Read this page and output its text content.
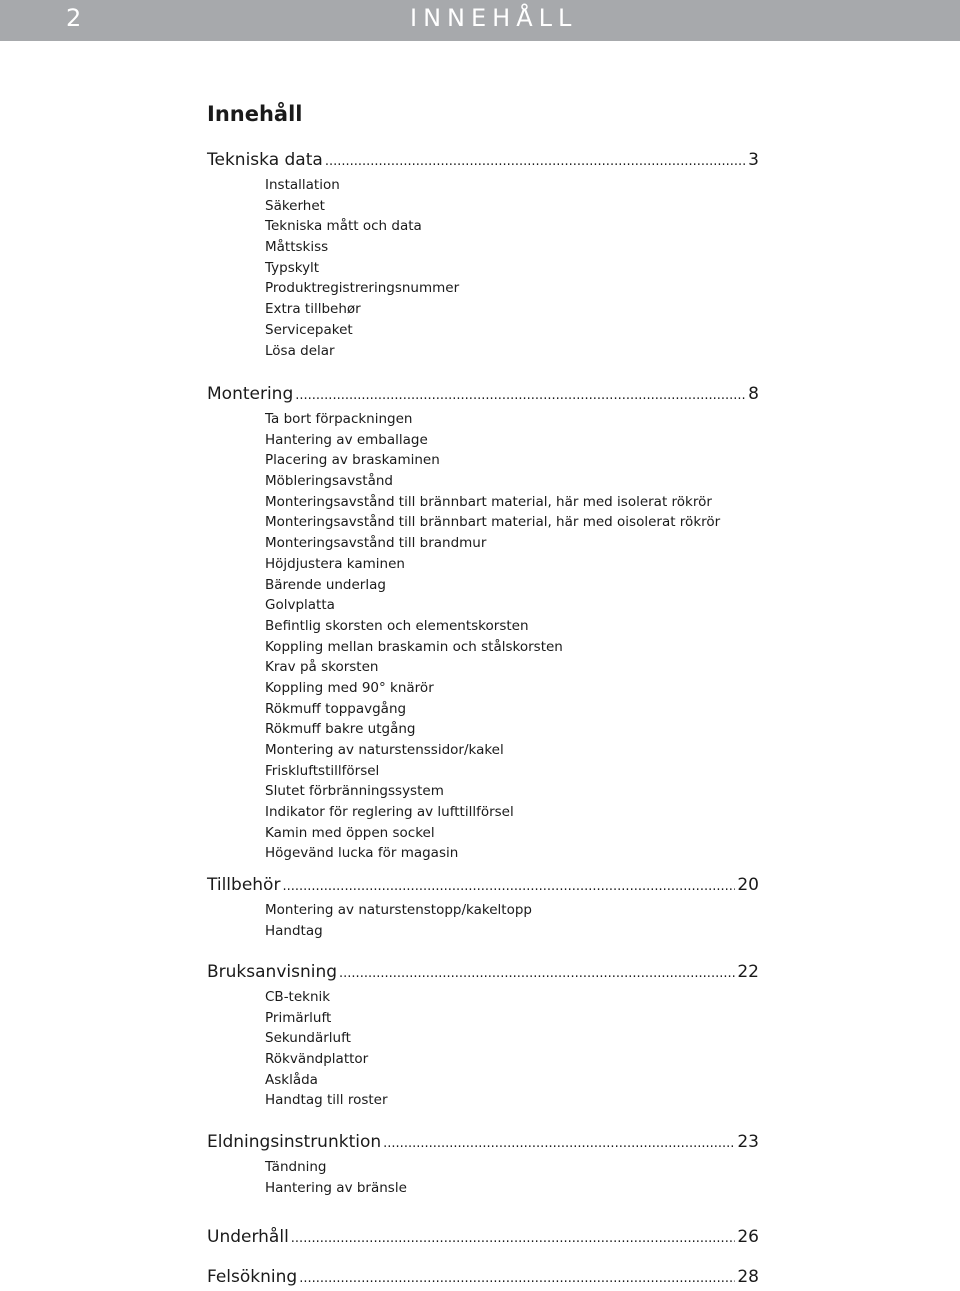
2	INNEHÅLL
Innehåll
Tekniska data .....	3
Installation
Säkerhet
Tekniska mått och data
Måttskiss
Typskylt
Produktregistreringsnummer
Extra tillbehør
Servicepaket
Lösa delar
Montering .....	8
Ta bort förpackningen
Hantering av emballage
Placering av braskaminen
Möbleringsavstånd
Monteringsavstånd till brännbart material, här med isolerat rökrör
Monteringsavstånd till brännbart material, här med oisolerat rökrör
Monteringsavstånd till brandmur
Höjdjustera kaminen
Bärende underlag
Golvplatta
Befintlig skorsten och elementskorsten
Koppling mellan braskamin och stålskorsten
Krav på skorsten
Koppling med 90° knärör
Rökmuff toppavgång
Rökmuff bakre utgång
Montering av naturstenssidor/kakel
Friskluftstillförsel
Slutet förbränningssystem
Indikator för reglering av lufttillförsel
Kamin med öppen sockel
Högevänd lucka för magasin
Tillbehör .....	20
Montering av naturstenstopp/kakeltopp
Handtag
Bruksanvisning .....	22
CB-teknik
Primärluft
Sekundärluft
Rökvändplattor
Asklåda
Handtag till roster
Eldningsinstrunktion .....	23
Tändning
Hantering av bränsle
Underhåll .....	26
Felsökning .....	28
